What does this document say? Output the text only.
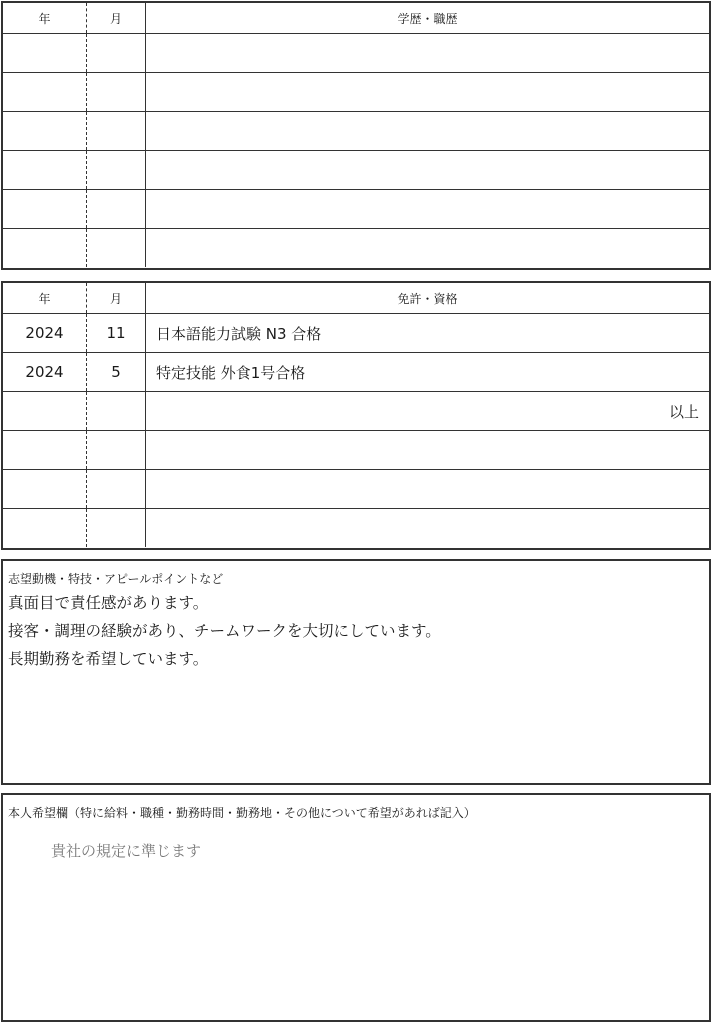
年	月	学歴・職歴

年	月	免許・資格
2024	11	日本語能力試験 N3 合格
2024	5	特定技能 外食1号合格
		以上

志望動機・特技・アピールポイントなど
真面目で責任感があります。
接客・調理の経験があり、チームワークを大切にしています。
長期勤務を希望しています。
本人希望欄（特に給料・職種・勤務時間・勤務地・その他について希望があれば記入）
貴社の規定に準じます
